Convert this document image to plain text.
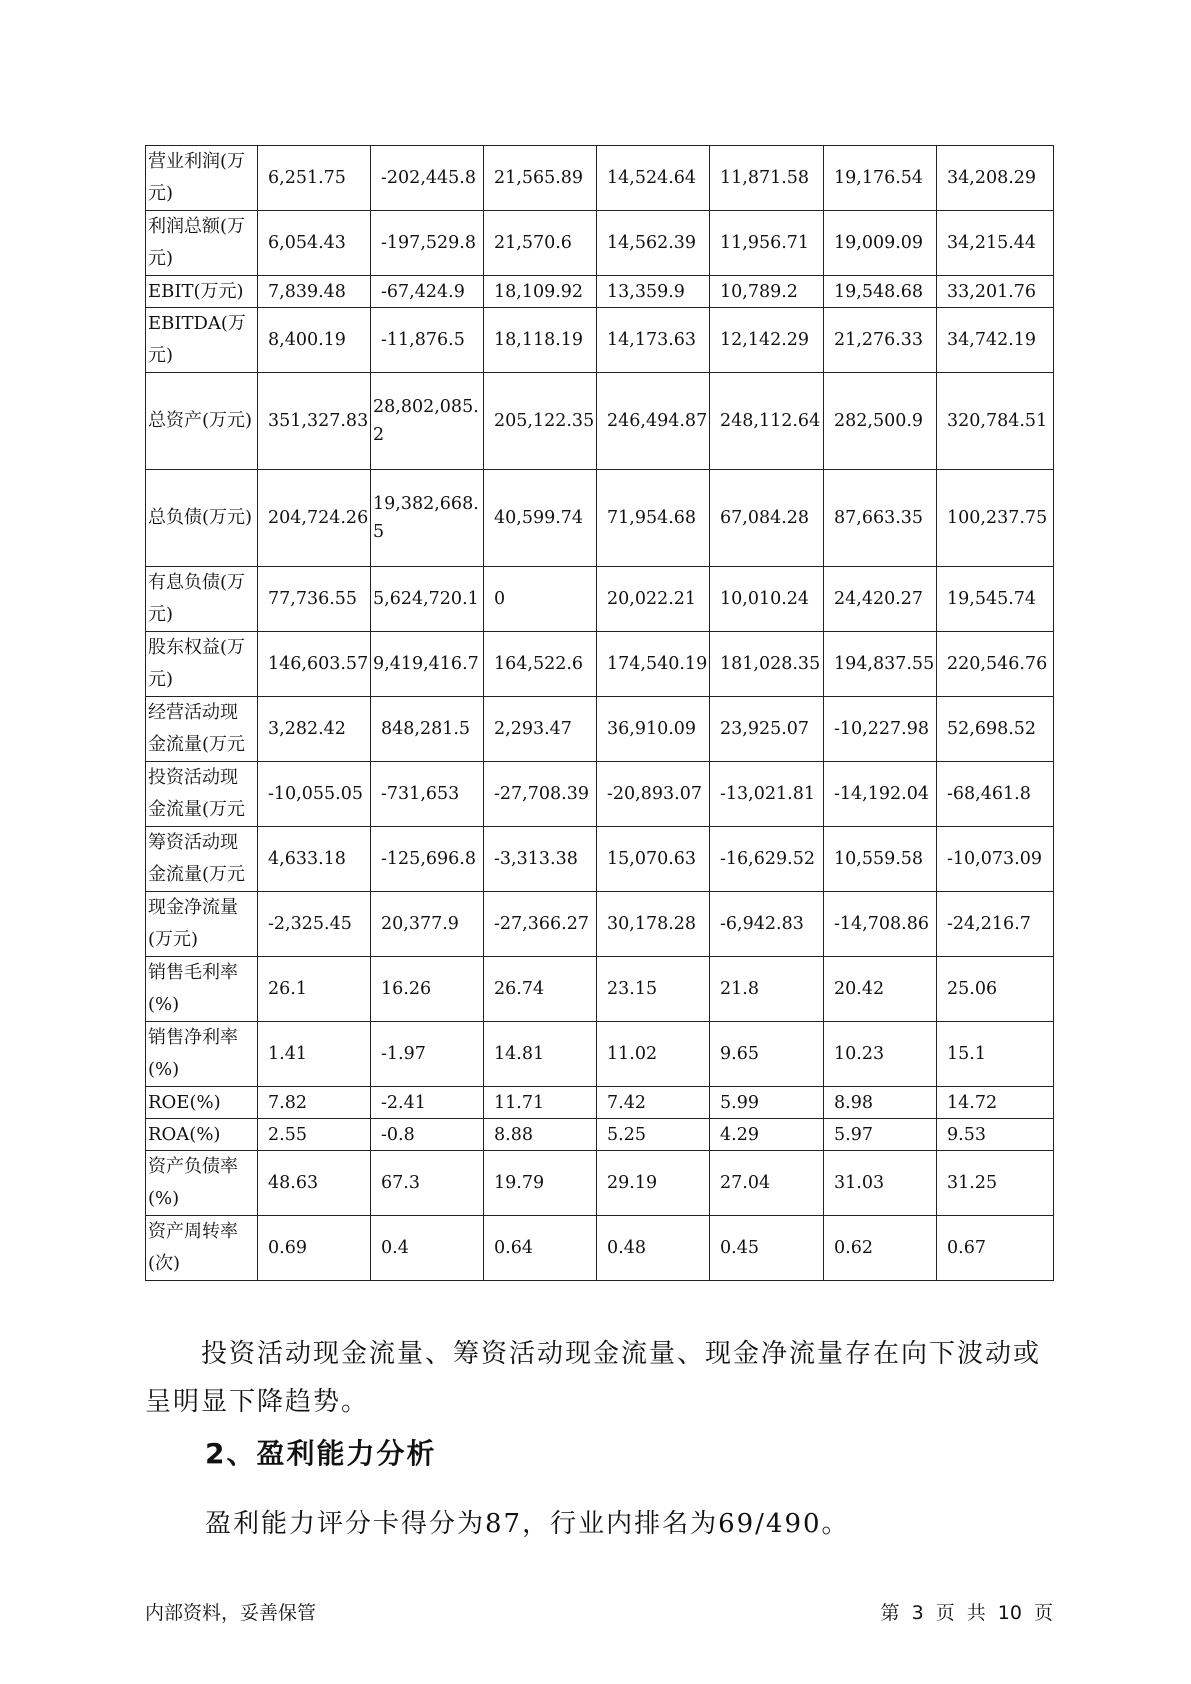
营业利润(万元)	6,251.75	-202,445.8	21,565.89	14,524.64	11,871.58	19,176.54	34,208.29
利润总额(万元)	6,054.43	-197,529.8	21,570.6	14,562.39	11,956.71	19,009.09	34,215.44
EBIT(万元)	7,839.48	-67,424.9	18,109.92	13,359.9	10,789.2	19,548.68	33,201.76
EBITDA(万元)	8,400.19	-11,876.5	18,118.19	14,173.63	12,142.29	21,276.33	34,742.19
总资产(万元)	351,327.83	28,802,085.2	205,122.35	246,494.87	248,112.64	282,500.9	320,784.51
总负债(万元)	204,724.26	19,382,668.5	40,599.74	71,954.68	67,084.28	87,663.35	100,237.75
有息负债(万元)	77,736.55	5,624,720.1	0	20,022.21	10,010.24	24,420.27	19,545.74
股东权益(万元)	146,603.57	9,419,416.7	164,522.6	174,540.19	181,028.35	194,837.55	220,546.76
经营活动现金流量(万元	3,282.42	848,281.5	2,293.47	36,910.09	23,925.07	-10,227.98	52,698.52
投资活动现金流量(万元	-10,055.05	-731,653	-27,708.39	-20,893.07	-13,021.81	-14,192.04	-68,461.8
筹资活动现金流量(万元	4,633.18	-125,696.8	-3,313.38	15,070.63	-16,629.52	10,559.58	-10,073.09
现金净流量(万元)	-2,325.45	20,377.9	-27,366.27	30,178.28	-6,942.83	-14,708.86	-24,216.7
销售毛利率(%)	26.1	16.26	26.74	23.15	21.8	20.42	25.06
销售净利率(%)	1.41	-1.97	14.81	11.02	9.65	10.23	15.1
ROE(%)	7.82	-2.41	11.71	7.42	5.99	8.98	14.72
ROA(%)	2.55	-0.8	8.88	5.25	4.29	5.97	9.53
资产负债率(%)	48.63	67.3	19.79	29.19	27.04	31.03	31.25
资产周转率(次)	0.69	0.4	0.64	0.48	0.45	0.62	0.67
投资活动现金流量、筹资活动现金流量、现金净流量存在向下波动或呈明显下降趋势。
2、盈利能力分析
盈利能力评分卡得分为87，行业内排名为69/490。
内部资料，妥善保管	第 3 页 共 10 页
